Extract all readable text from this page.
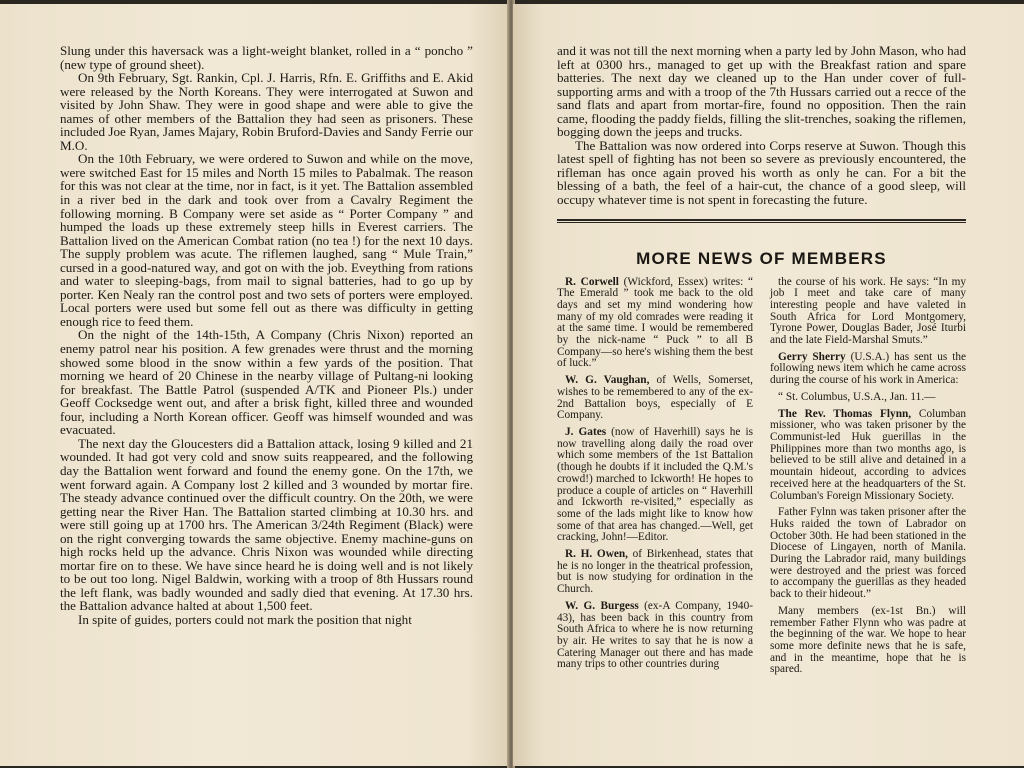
Slung under this haversack was a light-weight blanket, rolled in a “ poncho ” (new type of ground sheet).

On 9th February, Sgt. Rankin, Cpl. J. Harris, Rfn. E. Griffiths and E. Akid were released by the North Koreans. They were interrogated at Suwon and visited by John Shaw. They were in good shape and were able to give the names of other members of the Battalion they had seen as prisoners. These included Joe Ryan, James Majary, Robin Bruford-Davies and Sandy Ferrie our M.O.

On the 10th February, we were ordered to Suwon and while on the move, were switched East for 15 miles and North 15 miles to Pabalmak. The reason for this was not clear at the time, nor in fact, is it yet. The Battalion assembled in a river bed in the dark and took over from a Cavalry Regiment the following morning. B Company were set aside as “ Porter Company ” and humped the loads up these extremely steep hills in Everest carriers. The Battalion lived on the American Combat ration (no tea !) for the next 10 days. The supply problem was acute. The riflemen laughed, sang “ Mule Train,” cursed in a good-natured way, and got on with the job. Eveything from rations and water to sleeping-bags, from mail to signal batteries, had to go up by porter. Ken Nealy ran the control post and two sets of porters were employed. Local porters were used but some fell out as there was difficulty in getting enough rice to feed them.

On the night of the 14th-15th, A Company (Chris Nixon) reported an enemy patrol near his position. A few grenades were thrust and the morning showed some blood in the snow within a few yards of the position. That morning we heard of 20 Chinese in the nearby village of Pultang-ni looking for breakfast. The Battle Patrol (suspended A/TK and Pioneer Pls.) under Geoff Cocksedge went out, and after a brisk fight, killed three and wounded four, including a North Korean officer. Geoff was himself wounded and was evacuated.

The next day the Gloucesters did a Battalion attack, losing 9 killed and 21 wounded. It had got very cold and snow suits reappeared, and the following day the Battalion went forward and found the enemy gone. On the 17th, we went forward again. A Company lost 2 killed and 3 wounded by mortar fire. The steady advance continued over the difficult country. On the 20th, we were getting near the River Han. The Battalion started climbing at 10.30 hrs. and were still going up at 1700 hrs. The American 3/24th Regiment (Black) were on the right converging towards the same objective. Enemy machine-guns on high rocks held up the advance. Chris Nixon was wounded while directing mortar fire on to these. We have since heard he is doing well and is not likely to be out too long. Nigel Baldwin, working with a troop of 8th Hussars round the left flank, was badly wounded and sadly died that evening. At 17.30 hrs. the Battalion advance halted at about 1,500 feet.

In spite of guides, porters could not mark the position that night

and it was not till the next morning when a party led by John Mason, who had left at 0300 hrs., managed to get up with the Breakfast ration and spare batteries. The next day we cleaned up to the Han under cover of full-supporting arms and with a troop of the 7th Hussars carried out a recce of the sand flats and apart from mortar-fire, found no opposition. Then the rain came, flooding the paddy fields, filling the slit-trenches, soaking the riflemen, bogging down the jeeps and trucks.

The Battalion was now ordered into Corps reserve at Suwon. Though this latest spell of fighting has not been so severe as previously encountered, the rifleman has once again proved his worth as only he can. For a bit the blessing of a bath, the feel of a hair-cut, the chance of a good sleep, will occupy whatever time is not spent in forecasting the future.

MORE NEWS OF MEMBERS

R. Corwell (Wickford, Essex) writes: “ The Emerald ” took me back to the old days and set my mind wondering how many of my old comrades were reading it at the same time. I would be remembered by the nick-name “ Puck ” to all B Company—so here's wishing them the best of luck.”

W. G. Vaughan, of Wells, Somerset, wishes to be remembered to any of the ex-2nd Battalion boys, especially of E Company.

J. Gates (now of Haverhill) says he is now travelling along daily the road over which some members of the 1st Battalion (though he doubts if it included the Q.M.'s crowd!) marched to Ickworth! He hopes to produce a couple of articles on “ Haverhill and Ickworth re-visited,” especially as some of the lads might like to know how some of that area has changed.—Well, get cracking, John!—Editor.

R. H. Owen, of Birkenhead, states that he is no longer in the theatrical profession, but is now studying for ordination in the Church.

W. G. Burgess (ex-A Company, 1940-43), has been back in this country from South Africa to where he is now returning by air. He writes to say that he is now a Catering Manager out there and has made many trips to other countries during

the course of his work. He says: “In my job I meet and take care of many interesting people and have valeted in South Africa for Lord Montgomery, Tyrone Power, Douglas Bader, José Iturbi and the late Field-Marshal Smuts.”

Gerry Sherry (U.S.A.) has sent us the following news item which he came across during the course of his work in America:

“ St. Columbus, U.S.A., Jan. 11.—

The Rev. Thomas Flynn, Columban missioner, who was taken prisoner by the Communist-led Huk guerillas in the Philippines more than two months ago, is believed to be still alive and detained in a mountain hideout, according to advices received here at the headquarters of the St. Columban's Foreign Missionary Society.

Father Fylnn was taken prisoner after the Huks raided the town of Labrador on October 30th. He had been stationed in the Diocese of Lingayen, north of Manila. During the Labrador raid, many buildings were destroyed and the priest was forced to accompany the guerillas as they headed back to their hideout.”

Many members (ex-1st Bn.) will remember Father Flynn who was padre at the beginning of the war. We hope to hear some more definite news that he is safe, and in the meantime, hope that he is spared.
